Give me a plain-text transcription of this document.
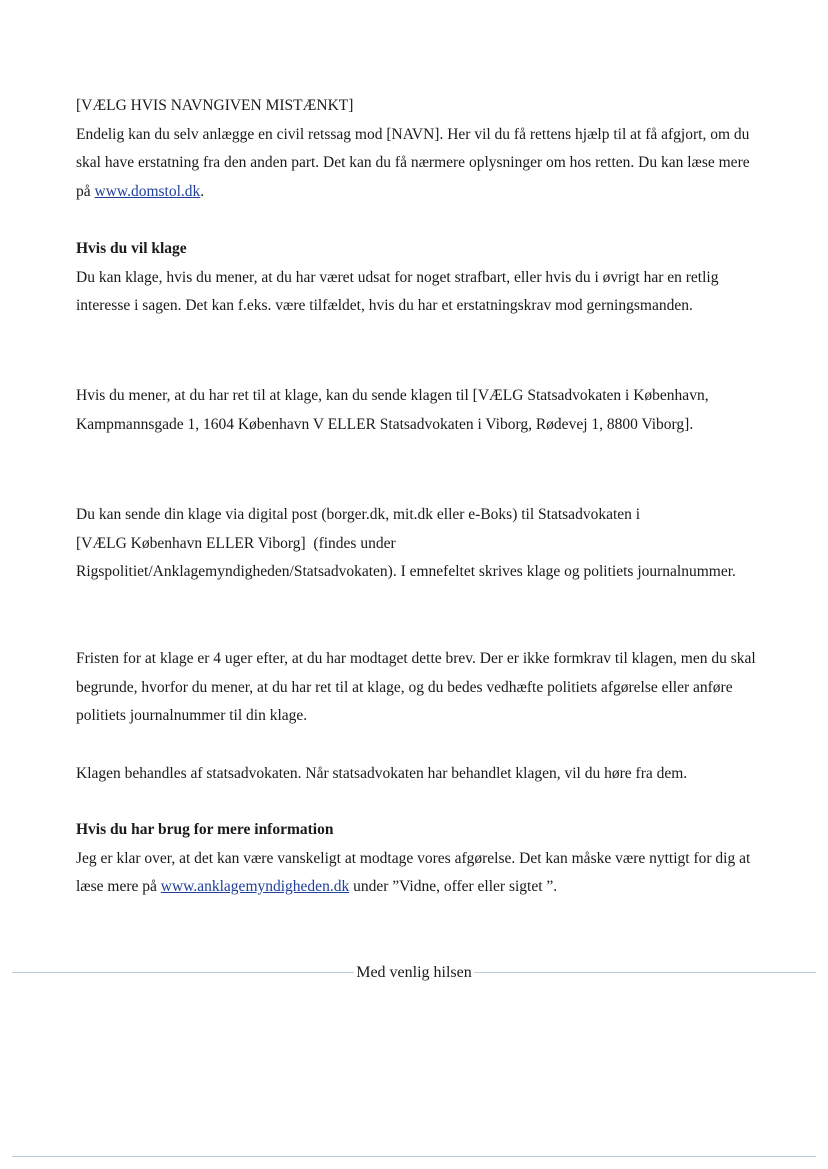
[VÆLG HVIS NAVNGIVEN MISTÆNKT]
Endelig kan du selv anlægge en civil retssag mod [NAVN]. Her vil du få rettens hjælp til at få afgjort, om du skal have erstatning fra den anden part. Det kan du få nærmere oplysninger om hos retten. Du kan læse mere på www.domstol.dk.
Hvis du vil klage
Du kan klage, hvis du mener, at du har været udsat for noget strafbart, eller hvis du i øvrigt har en retlig interesse i sagen. Det kan f.eks. være tilfældet, hvis du har et erstatningskrav mod gerningsmanden.
Hvis du mener, at du har ret til at klage, kan du sende klagen til [VÆLG Statsadvokaten i København, Kampmannsgade 1, 1604 København V ELLER Statsadvokaten i Viborg, Rødevej 1, 8800 Viborg].
Du kan sende din klage via digital post (borger.dk, mit.dk eller e-Boks) til Statsadvokaten i
[VÆLG København ELLER Viborg]  (findes under
Rigspolitiet/Anklagemyndigheden/Statsadvokaten). I emnefeltet skrives klage og politiets journalnummer.
Fristen for at klage er 4 uger efter, at du har modtaget dette brev. Der er ikke formkrav til klagen, men du skal begrunde, hvorfor du mener, at du har ret til at klage, og du bedes vedhæfte politiets afgørelse eller anføre politiets journalnummer til din klage.
Klagen behandles af statsadvokaten. Når statsadvokaten har behandlet klagen, vil du høre fra dem.
Hvis du har brug for mere information
Jeg er klar over, at det kan være vanskeligt at modtage vores afgørelse. Det kan måske være nyttigt for dig at læse mere på www.anklagemyndigheden.dk under ”Vidne, offer eller sigtet ”.
Med venlig hilsen
